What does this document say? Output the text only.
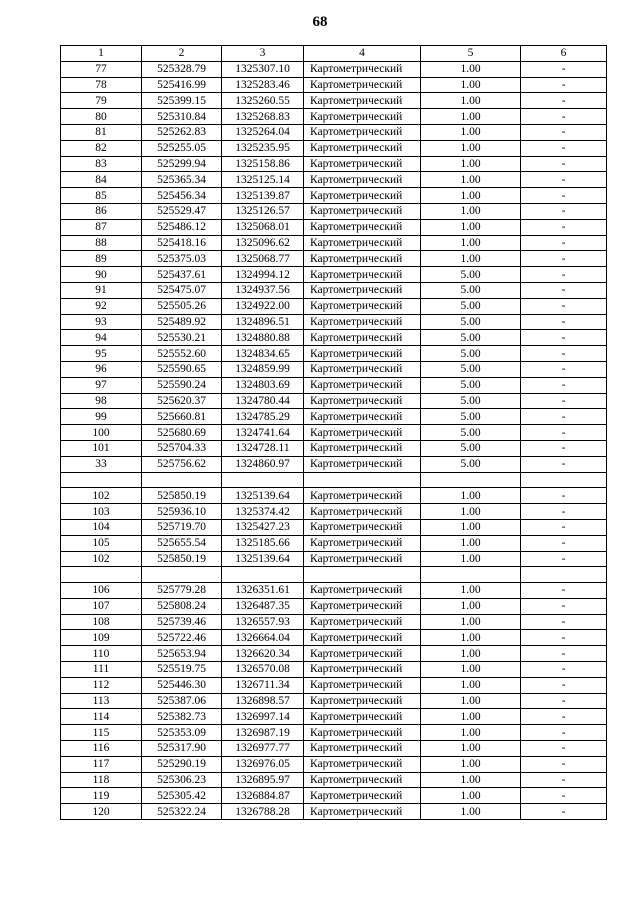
68
1	2	3	4	5	6
77	525328.79	1325307.10	Картометрический	1.00	-
78	525416.99	1325283.46	Картометрический	1.00	-
79	525399.15	1325260.55	Картометрический	1.00	-
80	525310.84	1325268.83	Картометрический	1.00	-
81	525262.83	1325264.04	Картометрический	1.00	-
82	525255.05	1325235.95	Картометрический	1.00	-
83	525299.94	1325158.86	Картометрический	1.00	-
84	525365.34	1325125.14	Картометрический	1.00	-
85	525456.34	1325139.87	Картометрический	1.00	-
86	525529.47	1325126.57	Картометрический	1.00	-
87	525486.12	1325068.01	Картометрический	1.00	-
88	525418.16	1325096.62	Картометрический	1.00	-
89	525375.03	1325068.77	Картометрический	1.00	-
90	525437.61	1324994.12	Картометрический	5.00	-
91	525475.07	1324937.56	Картометрический	5.00	-
92	525505.26	1324922.00	Картометрический	5.00	-
93	525489.92	1324896.51	Картометрический	5.00	-
94	525530.21	1324880.88	Картометрический	5.00	-
95	525552.60	1324834.65	Картометрический	5.00	-
96	525590.65	1324859.99	Картометрический	5.00	-
97	525590.24	1324803.69	Картометрический	5.00	-
98	525620.37	1324780.44	Картометрический	5.00	-
99	525660.81	1324785.29	Картометрический	5.00	-
100	525680.69	1324741.64	Картометрический	5.00	-
101	525704.33	1324728.11	Картометрический	5.00	-
33	525756.62	1324860.97	Картометрический	5.00	-

102	525850.19	1325139.64	Картометрический	1.00	-
103	525936.10	1325374.42	Картометрический	1.00	-
104	525719.70	1325427.23	Картометрический	1.00	-
105	525655.54	1325185.66	Картометрический	1.00	-
102	525850.19	1325139.64	Картометрический	1.00	-

106	525779.28	1326351.61	Картометрический	1.00	-
107	525808.24	1326487.35	Картометрический	1.00	-
108	525739.46	1326557.93	Картометрический	1.00	-
109	525722.46	1326664.04	Картометрический	1.00	-
110	525653.94	1326620.34	Картометрический	1.00	-
111	525519.75	1326570.08	Картометрический	1.00	-
112	525446.30	1326711.34	Картометрический	1.00	-
113	525387.06	1326898.57	Картометрический	1.00	-
114	525382.73	1326997.14	Картометрический	1.00	-
115	525353.09	1326987.19	Картометрический	1.00	-
116	525317.90	1326977.77	Картометрический	1.00	-
117	525290.19	1326976.05	Картометрический	1.00	-
118	525306.23	1326895.97	Картометрический	1.00	-
119	525305.42	1326884.87	Картометрический	1.00	-
120	525322.24	1326788.28	Картометрический	1.00	-
